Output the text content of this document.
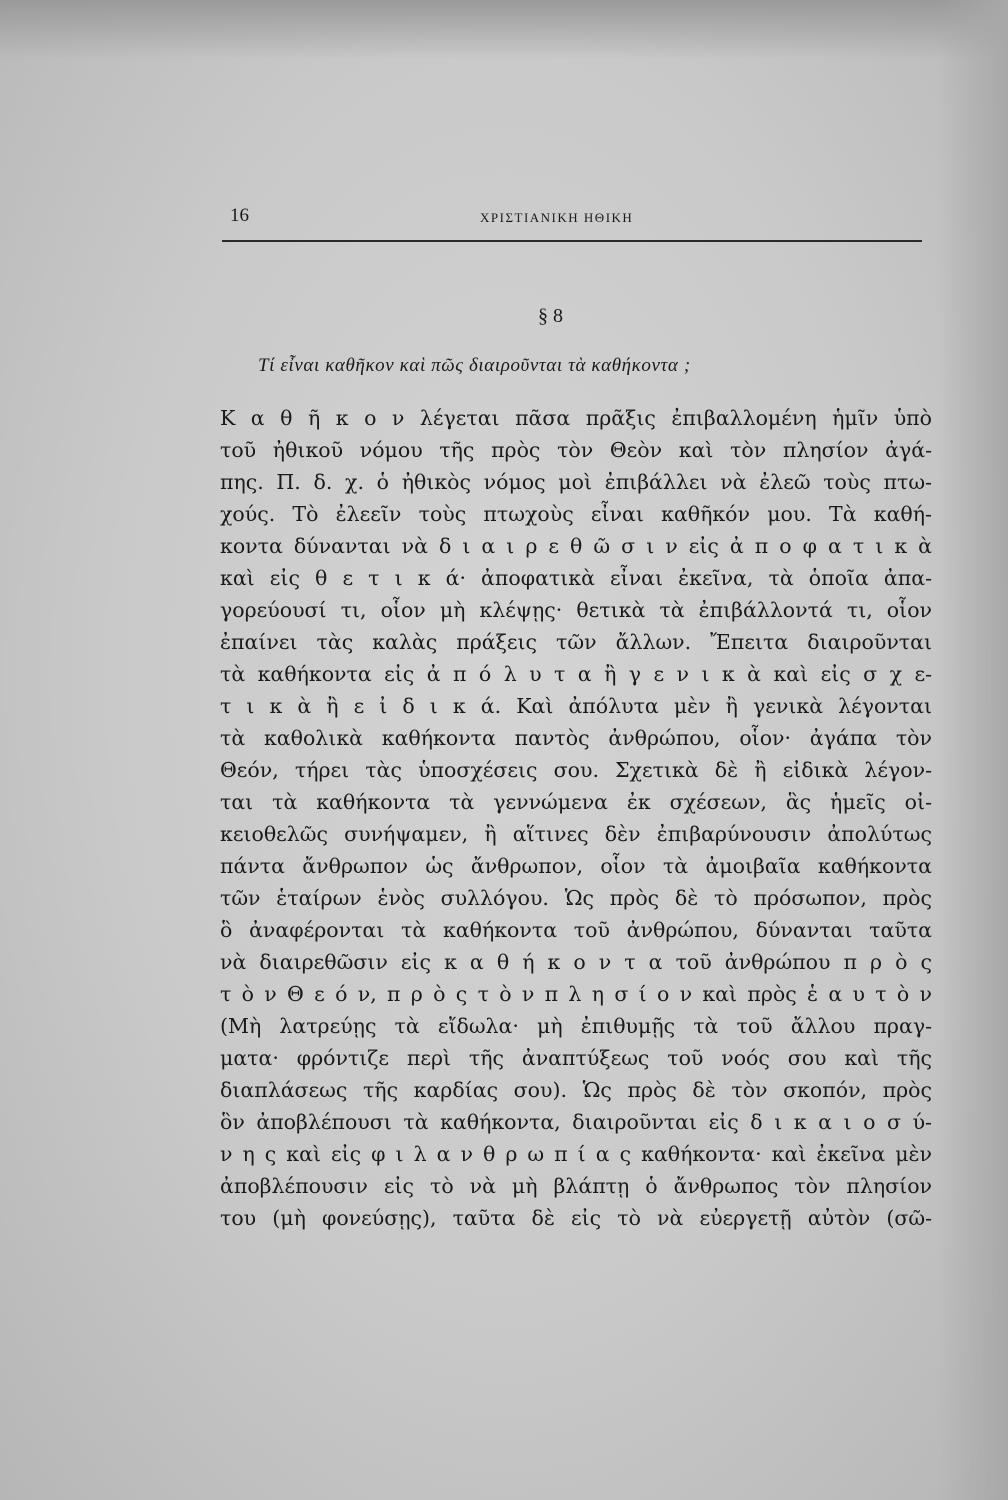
16	ΧΡΙΣΤΙΑΝΙΚΗ ΗΘΙΚΗ
§ 8
Τί εἶναι καθῆκον καὶ πῶς διαιροῦνται τὰ καθήκοντα ;
Κ α θ ῆ κ ο ν λέγεται πᾶσα πρᾶξις ἐπιβαλλομένη ἡμῖν ὑπὸ
τοῦ ἠθικοῦ νόμου τῆς πρὸς τὸν Θεὸν καὶ τὸν πλησίον ἀγά-
πης. Π. δ. χ. ὁ ἠθικὸς νόμος μοὶ ἐπιβάλλει νὰ ἐλεῶ τοὺς πτω-
χούς. Τὸ ἐλεεῖν τοὺς πτωχοὺς εἶναι καθῆκόν μου. Τὰ καθή-
κοντα δύνανται νὰ δ ι α ι ρ ε θ ῶ σ ι ν εἰς ἀ π ο φ α τ ι κ ὰ
καὶ εἰς θ ε τ ι κ ά· ἀποφατικὰ εἶναι ἐκεῖνα, τὰ ὁποῖα ἀπα-
γορεύουσί τι, οἷον μὴ κλέψῃς· θετικὰ τὰ ἐπιβάλλοντά τι, οἷον
ἐπαίνει τὰς καλὰς πράξεις τῶν ἄλλων. Ἔπειτα διαιροῦνται
τὰ καθήκοντα εἰς ἀ π ό λ υ τ α ἢ γ ε ν ι κ ὰ καὶ εἰς σ χ ε-
τ ι κ ὰ ἢ ε ἰ δ ι κ ά. Καὶ ἀπόλυτα μὲν ἢ γενικὰ λέγονται
τὰ καθολικὰ καθήκοντα παντὸς ἀνθρώπου, οἷον· ἀγάπα τὸν
Θεόν, τήρει τὰς ὑποσχέσεις σου. Σχετικὰ δὲ ἢ εἰδικὰ λέγον-
ται τὰ καθήκοντα τὰ γεννώμενα ἐκ σχέσεων, ἃς ἡμεῖς οἰ-
κειοθελῶς συνήψαμεν, ἢ αἵτινες δὲν ἐπιβαρύνουσιν ἀπολύτως
πάντα ἄνθρωπον ὡς ἄνθρωπον, οἷον τὰ ἀμοιβαῖα καθήκοντα
τῶν ἑταίρων ἑνὸς συλλόγου. Ὡς πρὸς δὲ τὸ πρόσωπον, πρὸς
ὃ ἀναφέρονται τὰ καθήκοντα τοῦ ἀνθρώπου, δύνανται ταῦτα
νὰ διαιρεθῶσιν εἰς κ α θ ή κ ο ν τ α τοῦ ἀνθρώπου π ρ ὸ ς
τ ὸ ν Θ ε ό ν, π ρ ὸ ς τ ὸ ν π λ η σ ί ο ν καὶ πρὸς ἑ α υ τ ὸ ν
(Μὴ λατρεύῃς τὰ εἴδωλα· μὴ ἐπιθυμῇς τὰ τοῦ ἄλλου πραγ-
ματα· φρόντιζε περὶ τῆς ἀναπτύξεως τοῦ νοός σου καὶ τῆς
διαπλάσεως τῆς καρδίας σου). Ὡς πρὸς δὲ τὸν σκοπόν, πρὸς
ὃν ἀποβλέπουσι τὰ καθήκοντα, διαιροῦνται εἰς δ ι κ α ι ο σ ύ-
ν η ς καὶ εἰς φ ι λ α ν θ ρ ω π ί α ς καθήκοντα· καὶ ἐκεῖνα μὲν
ἀποβλέπουσιν εἰς τὸ νὰ μὴ βλάπτῃ ὁ ἄνθρωπος τὸν πλησίον
του (μὴ φονεύσῃς), ταῦτα δὲ εἰς τὸ νὰ εὐεργετῇ αὐτὸν (σῶ-
